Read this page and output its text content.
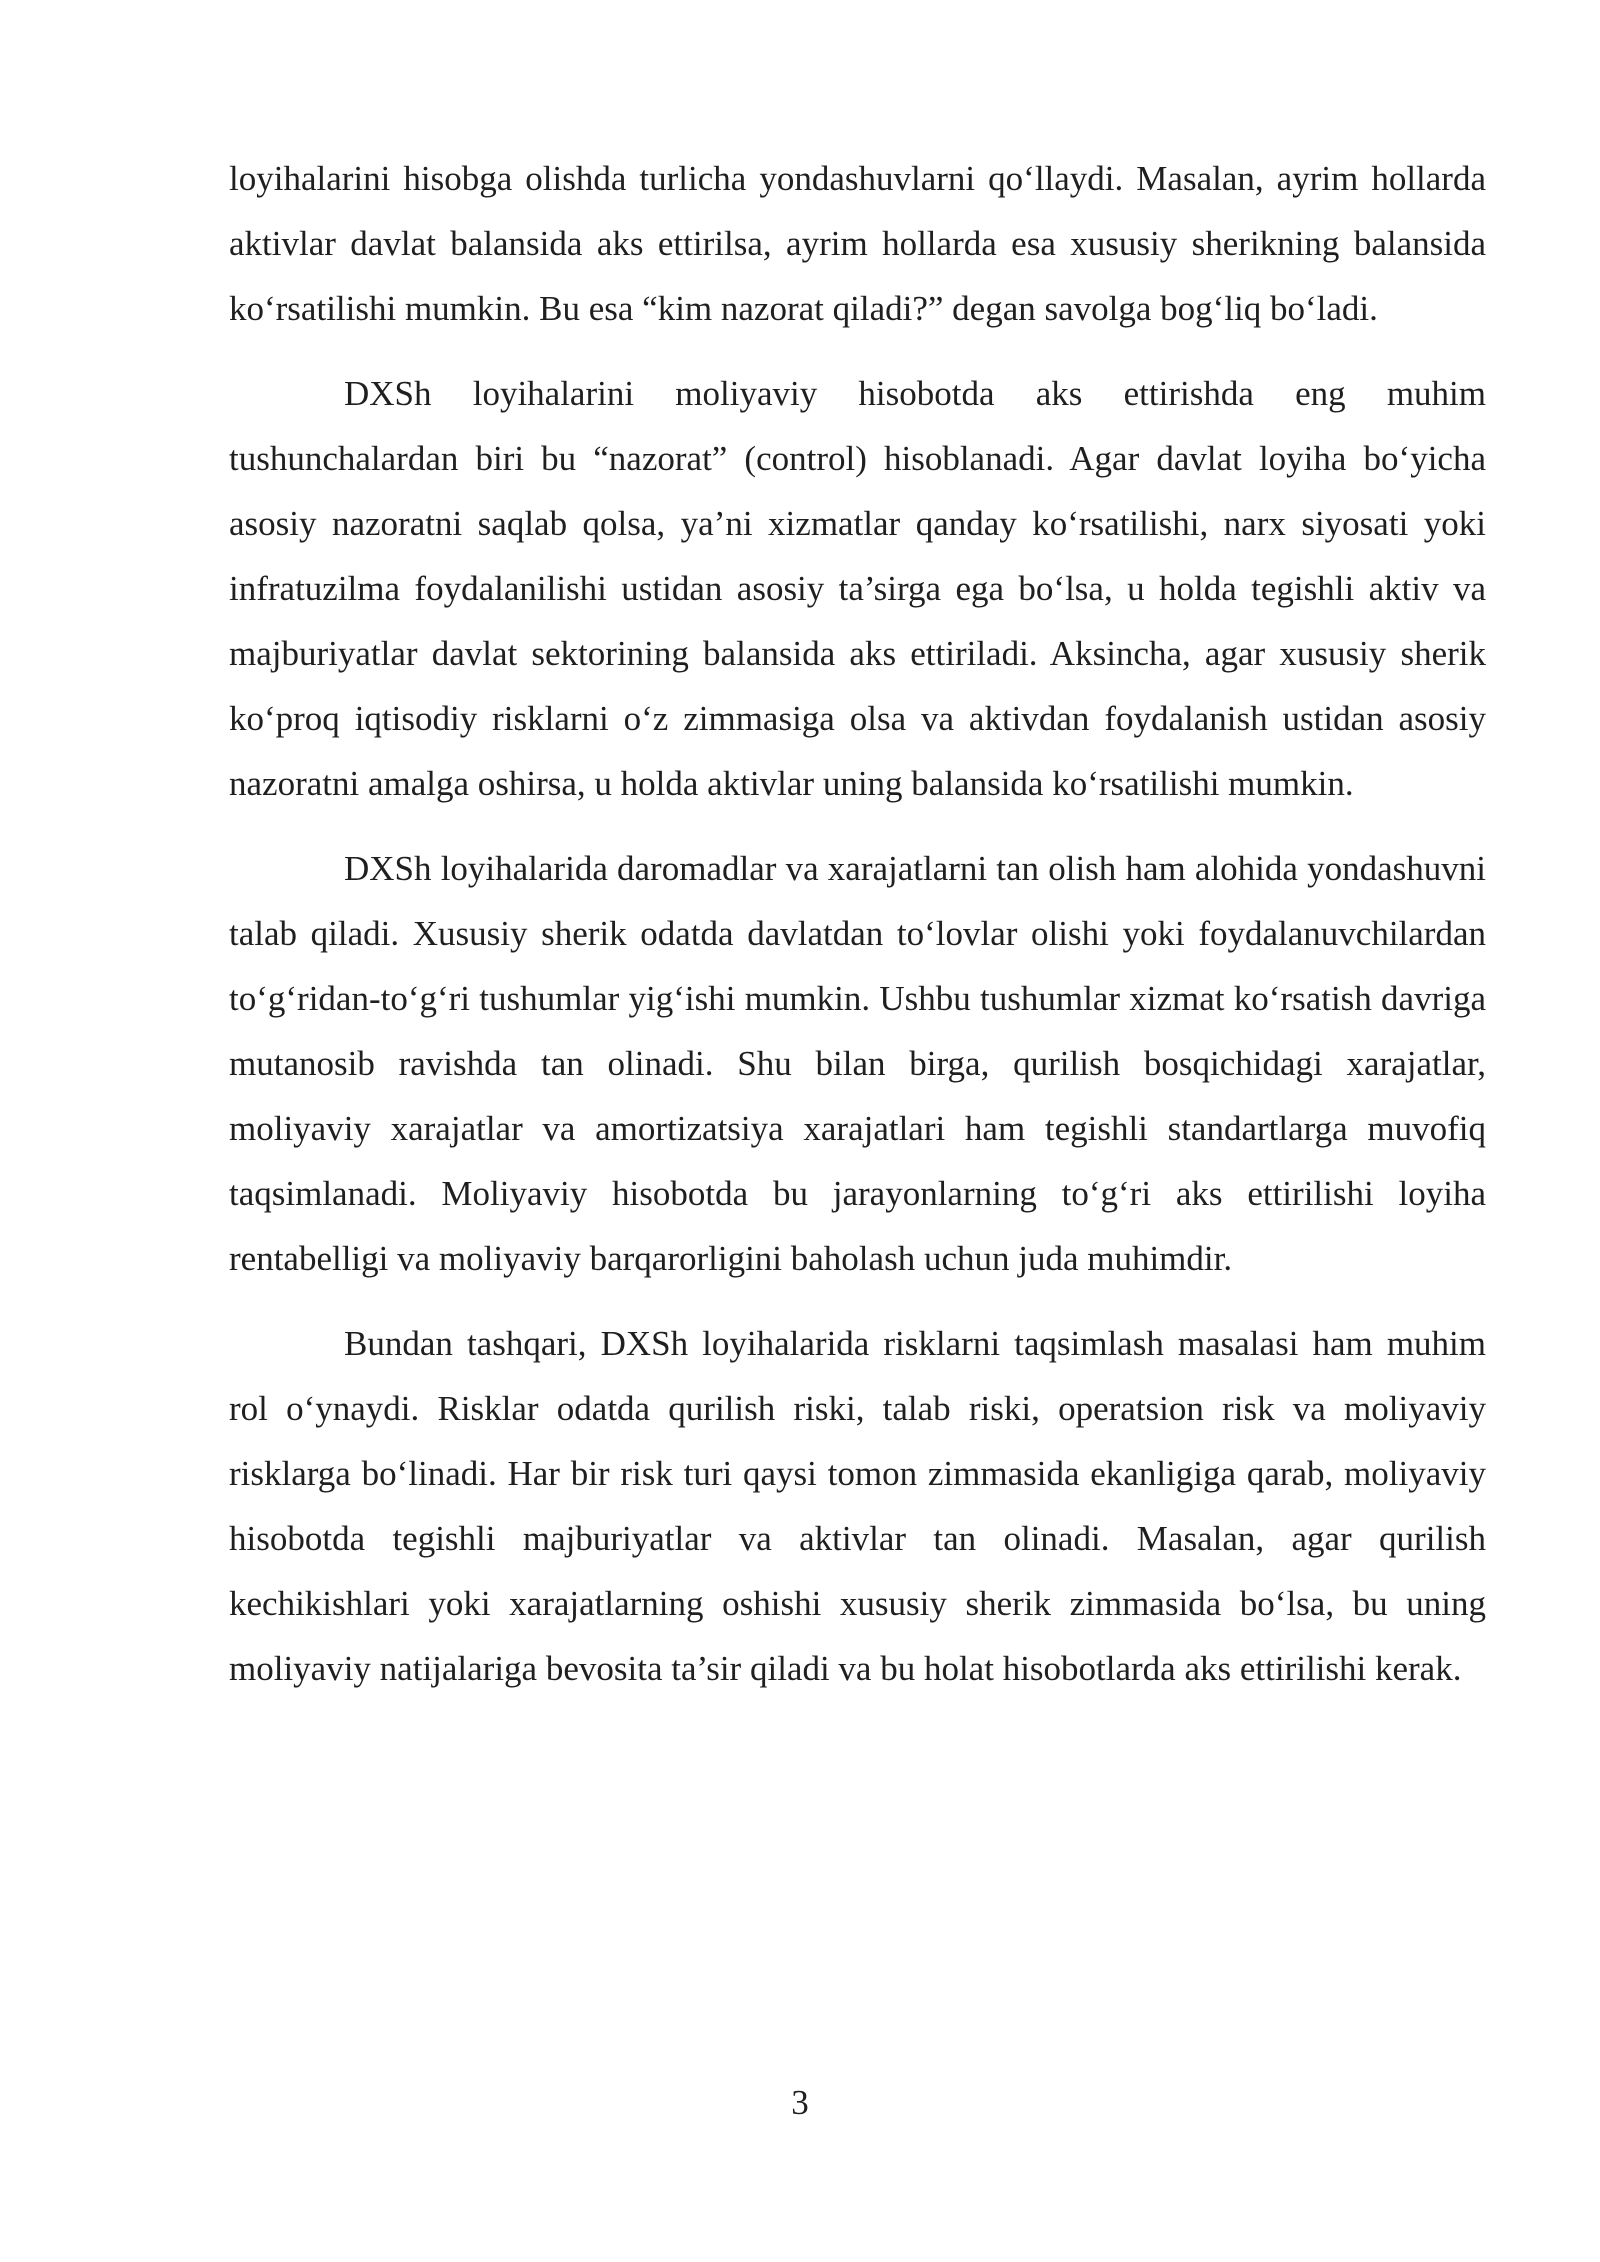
loyihalarini hisobga olishda turlicha yondashuvlarni qo‘llaydi. Masalan, ayrim hollarda aktivlar davlat balansida aks ettirilsa, ayrim hollarda esa xususiy sherikning balansida ko‘rsatilishi mumkin. Bu esa “kim nazorat qiladi?” degan savolga bog‘liq bo‘ladi.

DXSh loyihalarini moliyaviy hisobotda aks ettirishda eng muhim tushunchalardan biri bu “nazorat” (control) hisoblanadi. Agar davlat loyiha bo‘yicha asosiy nazoratni saqlab qolsa, ya’ni xizmatlar qanday ko‘rsatilishi, narx siyosati yoki infratuzilma foydalanilishi ustidan asosiy ta’sirga ega bo‘lsa, u holda tegishli aktiv va majburiyatlar davlat sektorining balansida aks ettiriladi. Aksincha, agar xususiy sherik ko‘proq iqtisodiy risklarni o‘z zimmasiga olsa va aktivdan foydalanish ustidan asosiy nazoratni amalga oshirsa, u holda aktivlar uning balansida ko‘rsatilishi mumkin.

DXSh loyihalarida daromadlar va xarajatlarni tan olish ham alohida yondashuvni talab qiladi. Xususiy sherik odatda davlatdan to‘lovlar olishi yoki foydalanuvchilardan to‘g‘ridan-to‘g‘ri tushumlar yig‘ishi mumkin. Ushbu tushumlar xizmat ko‘rsatish davriga mutanosib ravishda tan olinadi. Shu bilan birga, qurilish bosqichidagi xarajatlar, moliyaviy xarajatlar va amortizatsiya xarajatlari ham tegishli standartlarga muvofiq taqsimlanadi. Moliyaviy hisobotda bu jarayonlarning to‘g‘ri aks ettirilishi loyiha rentabelligi va moliyaviy barqarorligini baholash uchun juda muhimdir.

Bundan tashqari, DXSh loyihalarida risklarni taqsimlash masalasi ham muhim rol o‘ynaydi. Risklar odatda qurilish riski, talab riski, operatsion risk va moliyaviy risklarga bo‘linadi. Har bir risk turi qaysi tomon zimmasida ekanligiga qarab, moliyaviy hisobotda tegishli majburiyatlar va aktivlar tan olinadi. Masalan, agar qurilish kechikishlari yoki xarajatlarning oshishi xususiy sherik zimmasida bo‘lsa, bu uning moliyaviy natijalariga bevosita ta’sir qiladi va bu holat hisobotlarda aks ettirilishi kerak.

3
